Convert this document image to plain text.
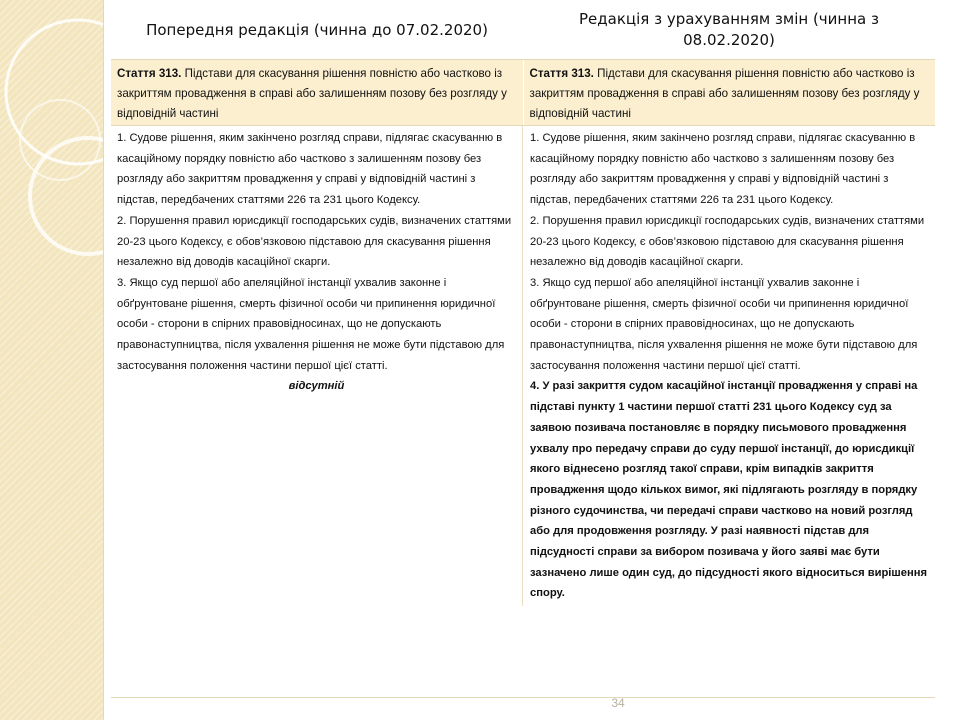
Попередня редакція (чинна до 07.02.2020)
Редакція з урахуванням змін (чинна з 08.02.2020)
Стаття 313. Підстави для скасування рішення повністю або частково із закриттям провадження в справі або залишенням позову без розгляду у відповідній частині
Стаття 313. Підстави для скасування рішення повністю або частково із закриттям провадження в справі або залишенням позову без розгляду у відповідній частині

1. Судове рішення, яким закінчено розгляд справи, підлягає скасуванню в касаційному порядку повністю або частково з залишенням позову без розгляду або закриттям провадження у справі у відповідній частині з підстав, передбачених статтями 226 та 231 цього Кодексу.

2. Порушення правил юрисдикції господарських судів, визначених статтями 20-23 цього Кодексу, є обов’язковою підставою для скасування рішення незалежно від доводів касаційної скарги.

3. Якщо суд першої або апеляційної інстанції ухвалив законне і обґрунтоване рішення, смерть фізичної особи чи припинення юридичної особи - сторони в спірних правовідносинах, що не допускають правонаступництва, після ухвалення рішення не може бути підставою для застосування положення частини першої цієї статті.

відсутній

1. Судове рішення, яким закінчено розгляд справи, підлягає скасуванню в касаційному порядку повністю або частково з залишенням позову без розгляду або закриттям провадження у справі у відповідній частині з підстав, передбачених статтями 226 та 231 цього Кодексу.

2. Порушення правил юрисдикції господарських судів, визначених статтями 20-23 цього Кодексу, є обов’язковою підставою для скасування рішення незалежно від доводів касаційної скарги.

3. Якщо суд першої або апеляційної інстанції ухвалив законне і обґрунтоване рішення, смерть фізичної особи чи припинення юридичної особи - сторони в спірних правовідносинах, що не допускають правонаступництва, після ухвалення рішення не може бути підставою для застосування положення частини першої цієї статті.

4. У разі закриття судом касаційної інстанції провадження у справі на підставі пункту 1 частини першої статті 231 цього Кодексу суд за заявою позивача постановляє в порядку письмового провадження ухвалу про передачу справи до суду першої інстанції, до юрисдикції якого віднесено розгляд такої справи, крім випадків закриття провадження щодо кількох вимог, які підлягають розгляду в порядку різного судочинства, чи передачі справи частково на новий розгляд або для продовження розгляду. У разі наявності підстав для підсудності справи за вибором позивача у його заяві має бути зазначено лише один суд, до підсудності якого відноситься вирішення спору.

34
